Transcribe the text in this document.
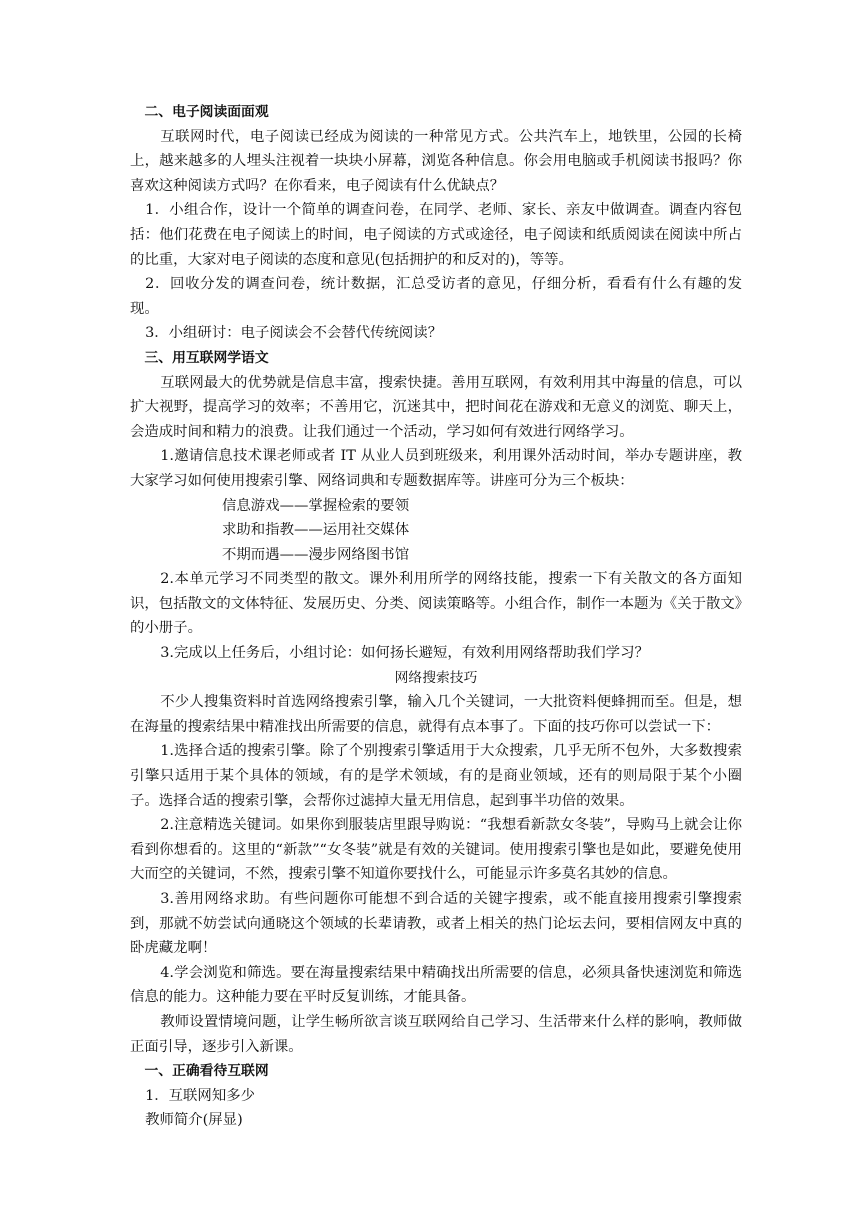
二、电子阅读面面观

互联网时代，电子阅读已经成为阅读的一种常见方式。公共汽车上，地铁里，公园的长椅上，越来越多的人埋头注视着一块块小屏幕，浏览各种信息。你会用电脑或手机阅读书报吗？你喜欢这种阅读方式吗？在你看来，电子阅读有什么优缺点？

1．小组合作，设计一个简单的调查问卷，在同学、老师、家长、亲友中做调查。调查内容包括：他们花费在电子阅读上的时间，电子阅读的方式或途径，电子阅读和纸质阅读在阅读中所占的比重，大家对电子阅读的态度和意见(包括拥护的和反对的)，等等。

2．回收分发的调查问卷，统计数据，汇总受访者的意见，仔细分析，看看有什么有趣的发现。

3．小组研讨：电子阅读会不会替代传统阅读？

三、用互联网学语文

互联网最大的优势就是信息丰富，搜索快捷。善用互联网，有效利用其中海量的信息，可以扩大视野，提高学习的效率；不善用它，沉迷其中，把时间花在游戏和无意义的浏览、聊天上，会造成时间和精力的浪费。让我们通过一个活动，学习如何有效进行网络学习。

1.邀请信息技术课老师或者 IT 从业人员到班级来，利用课外活动时间，举办专题讲座，教大家学习如何使用搜索引擎、网络词典和专题数据库等。讲座可分为三个板块：

信息游戏——掌握检索的要领

求助和指教——运用社交媒体

不期而遇——漫步网络图书馆

2.本单元学习不同类型的散文。课外利用所学的网络技能，搜索一下有关散文的各方面知识，包括散文的文体特征、发展历史、分类、阅读策略等。小组合作，制作一本题为《关于散文》的小册子。

3.完成以上任务后，小组讨论：如何扬长避短，有效利用网络帮助我们学习？

网络搜索技巧

不少人搜集资料时首选网络搜索引擎，输入几个关键词，一大批资料便蜂拥而至。但是，想在海量的搜索结果中精准找出所需要的信息，就得有点本事了。下面的技巧你可以尝试一下：

1.选择合适的搜索引擎。除了个别搜索引擎适用于大众搜索，几乎无所不包外，大多数搜索引擎只适用于某个具体的领域，有的是学术领域，有的是商业领域，还有的则局限于某个小圈子。选择合适的搜索引擎，会帮你过滤掉大量无用信息，起到事半功倍的效果。

2.注意精选关键词。如果你到服装店里跟导购说：“我想看新款女冬装”，导购马上就会让你看到你想看的。这里的“新款”“女冬装”就是有效的关键词。使用搜索引擎也是如此，要避免使用大而空的关键词，不然，搜索引擎不知道你要找什么，可能显示许多莫名其妙的信息。

3.善用网络求助。有些问题你可能想不到合适的关键字搜索，或不能直接用搜索引擎搜索到，那就不妨尝试向通晓这个领域的长辈请教，或者上相关的热门论坛去问，要相信网友中真的卧虎藏龙啊！

4.学会浏览和筛选。要在海量搜索结果中精确找出所需要的信息，必须具备快速浏览和筛选信息的能力。这种能力要在平时反复训练，才能具备。

教师设置情境问题，让学生畅所欲言谈互联网给自己学习、生活带来什么样的影响，教师做正面引导，逐步引入新课。

一、正确看待互联网

1．互联网知多少

教师简介(屏显)
